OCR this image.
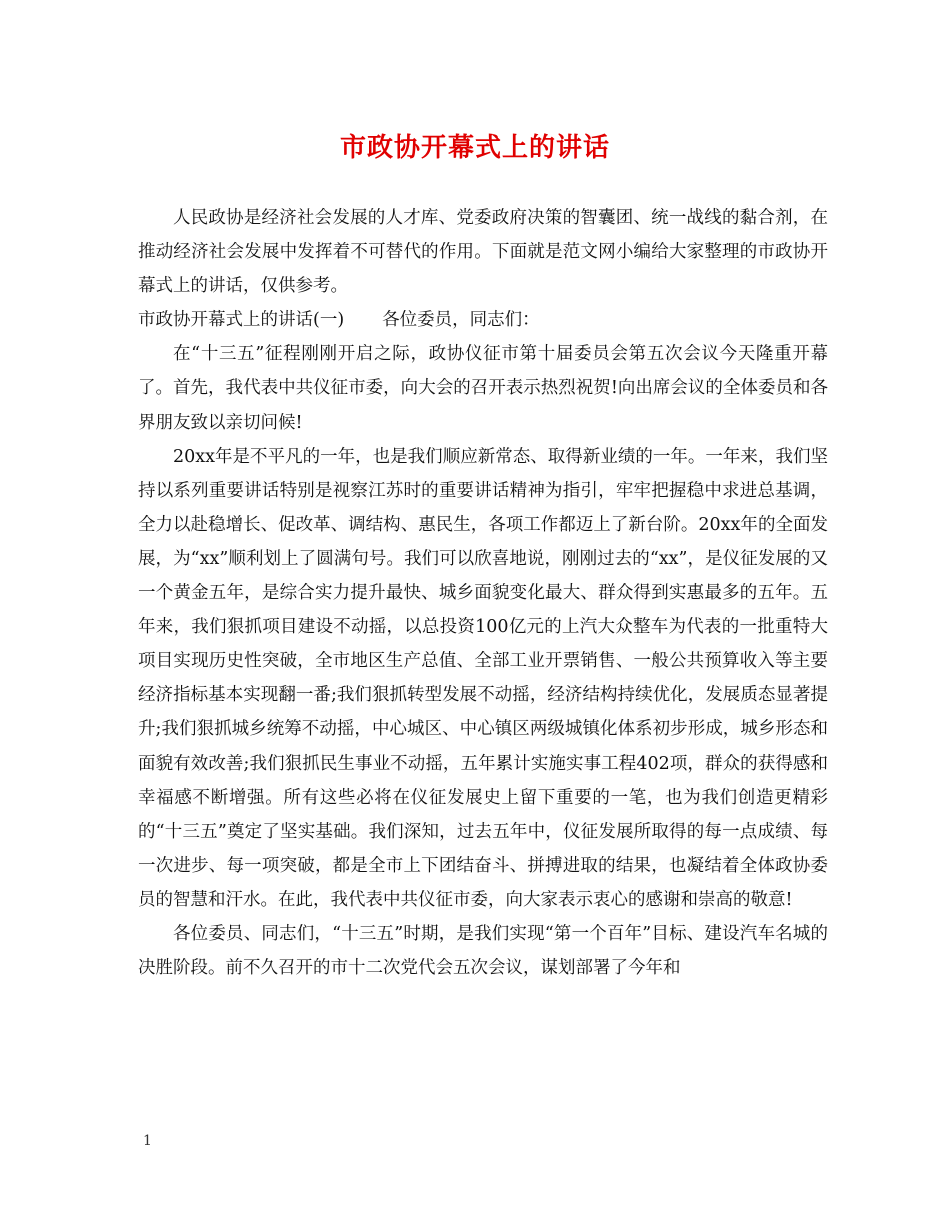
市政协开幕式上的讲话

人民政协是经济社会发展的人才库、党委政府决策的智囊团、统一战线的黏合剂，在推动经济社会发展中发挥着不可替代的作用。下面就是范文网小编给大家整理的市政协开幕式上的讲话，仅供参考。

市政协开幕式上的讲话(一) 各位委员，同志们：

在“十三五”征程刚刚开启之际，政协仪征市第十届委员会第五次会议今天隆重开幕了。首先，我代表中共仪征市委，向大会的召开表示热烈祝贺!向出席会议的全体委员和各界朋友致以亲切问候!

20xx年是不平凡的一年，也是我们顺应新常态、取得新业绩的一年。一年来，我们坚持以系列重要讲话特别是视察江苏时的重要讲话精神为指引，牢牢把握稳中求进总基调，全力以赴稳增长、促改革、调结构、惠民生，各项工作都迈上了新台阶。20xx年的全面发展，为“xx”顺利划上了圆满句号。我们可以欣喜地说，刚刚过去的“xx”，是仪征发展的又一个黄金五年，是综合实力提升最快、城乡面貌变化最大、群众得到实惠最多的五年。五年来，我们狠抓项目建设不动摇，以总投资100亿元的上汽大众整车为代表的一批重特大项目实现历史性突破，全市地区生产总值、全部工业开票销售、一般公共预算收入等主要经济指标基本实现翻一番;我们狠抓转型发展不动摇，经济结构持续优化，发展质态显著提升;我们狠抓城乡统筹不动摇，中心城区、中心镇区两级城镇化体系初步形成，城乡形态和面貌有效改善;我们狠抓民生事业不动摇，五年累计实施实事工程402项，群众的获得感和幸福感不断增强。所有这些必将在仪征发展史上留下重要的一笔，也为我们创造更精彩的“十三五”奠定了坚实基础。我们深知，过去五年中，仪征发展所取得的每一点成绩、每一次进步、每一项突破，都是全市上下团结奋斗、拼搏进取的结果，也凝结着全体政协委员的智慧和汗水。在此，我代表中共仪征市委，向大家表示衷心的感谢和崇高的敬意!

各位委员、同志们，“十三五”时期，是我们实现“第一个百年”目标、建设汽车名城的决胜阶段。前不久召开的市十二次党代会五次会议，谋划部署了今年和

1
